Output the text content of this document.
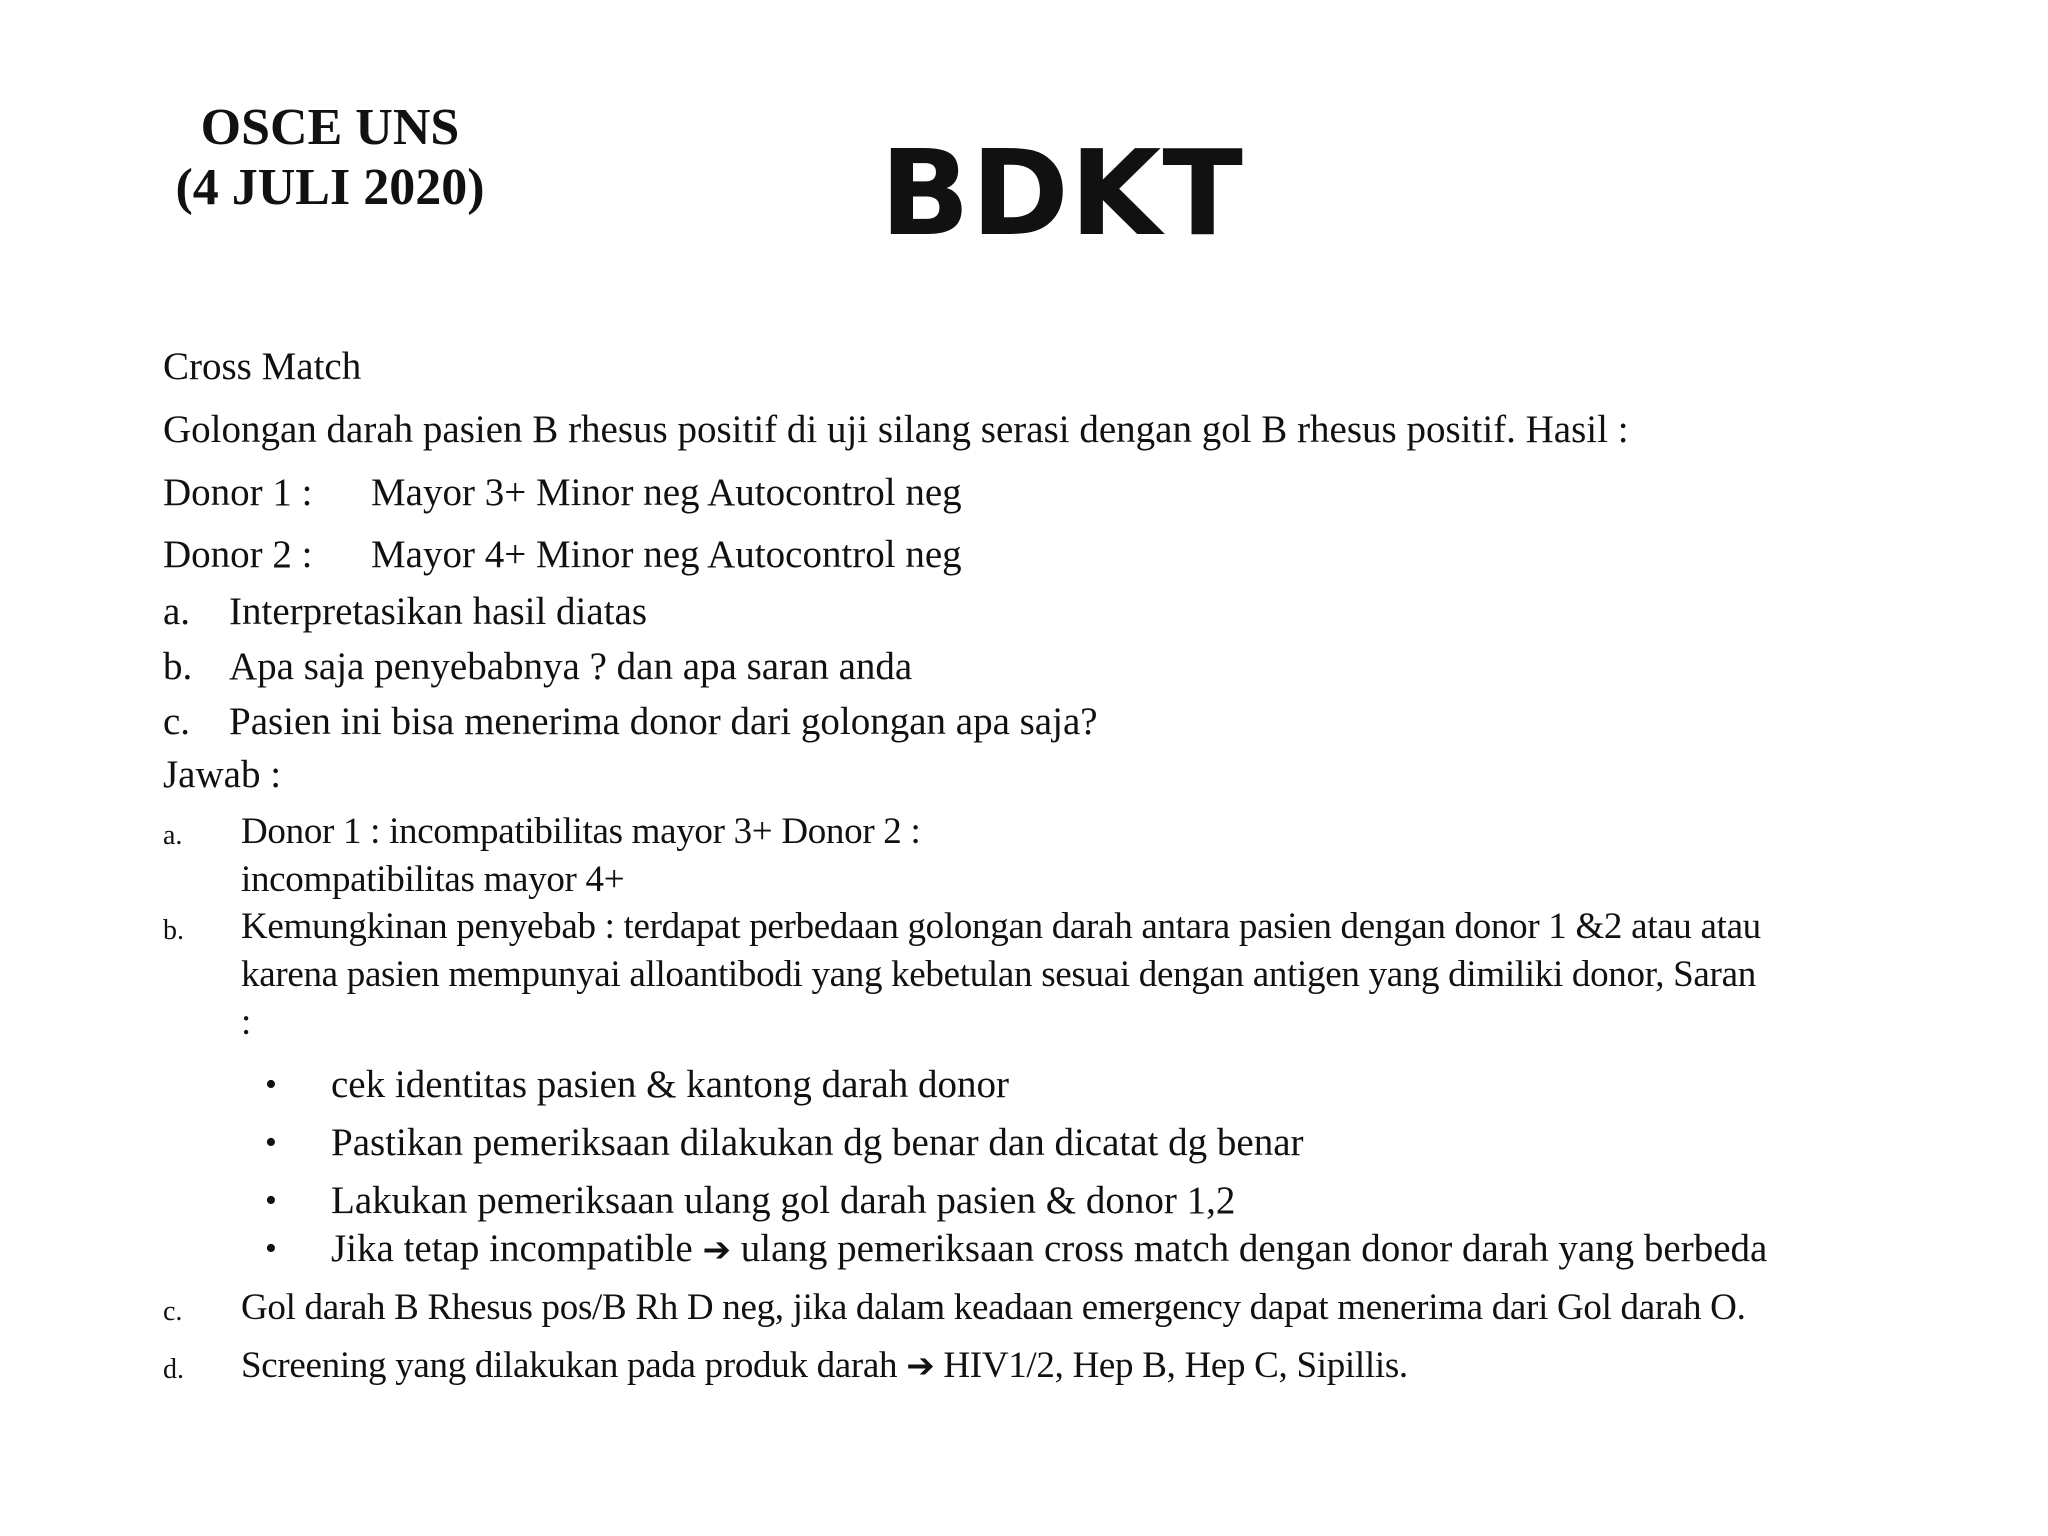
OSCE UNS
(4 JULI 2020)	BDKT
Cross Match
Golongan darah pasien B rhesus positif di uji silang serasi dengan gol B rhesus positif. Hasil :
Donor 1 : Mayor 3+ Minor neg Autocontrol neg
Donor 2 : Mayor 4+ Minor neg Autocontrol neg
a. Interpretasikan hasil diatas
b. Apa saja penyebabnya ? dan apa saran anda
c. Pasien ini bisa menerima donor dari golongan apa saja?
Jawab :
a. Donor 1 : incompatibilitas mayor 3+ Donor 2 :
incompatibilitas mayor 4+
b. Kemungkinan penyebab : terdapat perbedaan golongan darah antara pasien dengan donor 1 &2 atau atau
karena pasien mempunyai alloantibodi yang kebetulan sesuai dengan antigen yang dimiliki donor, Saran
:
•	cek identitas pasien & kantong darah donor
•	Pastikan pemeriksaan dilakukan dg benar dan dicatat dg benar
•	Lakukan pemeriksaan ulang gol darah pasien & donor 1,2
•	Jika tetap incompatible ➔ ulang pemeriksaan cross match dengan donor darah yang berbeda
c. Gol darah B Rhesus pos/B Rh D neg, jika dalam keadaan emergency dapat menerima dari Gol darah O.
d. Screening yang dilakukan pada produk darah ➔ HIV1/2, Hep B, Hep C, Sipillis.
